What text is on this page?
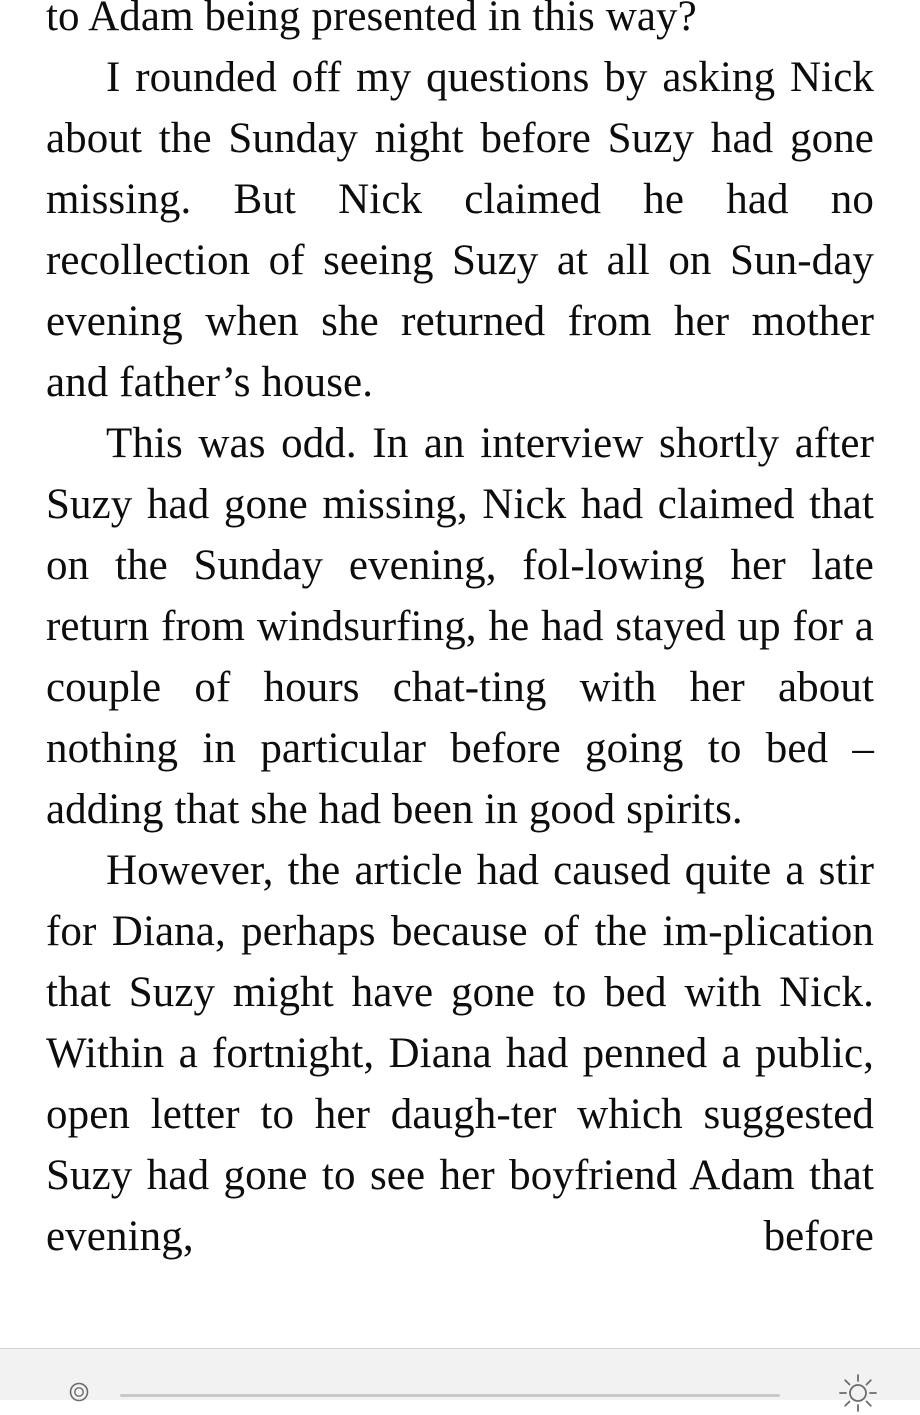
to Adam being presented in this way?

I rounded off my questions by asking Nick about the Sunday night before Suzy had gone missing. But Nick claimed he had no recollection of seeing Suzy at all on Sun-day evening when she returned from her mother and father’s house.

This was odd. In an interview shortly after Suzy had gone missing, Nick had claimed that on the Sunday evening, fol-lowing her late return from windsurfing, he had stayed up for a couple of hours chat-ting with her about nothing in particular before going to bed – adding that she had been in good spirits.

However, the article had caused quite a stir for Diana, perhaps because of the im-plication that Suzy might have gone to bed with Nick. Within a fortnight, Diana had penned a public, open letter to her daugh-ter which suggested Suzy had gone to see her boyfriend Adam that evening, before
